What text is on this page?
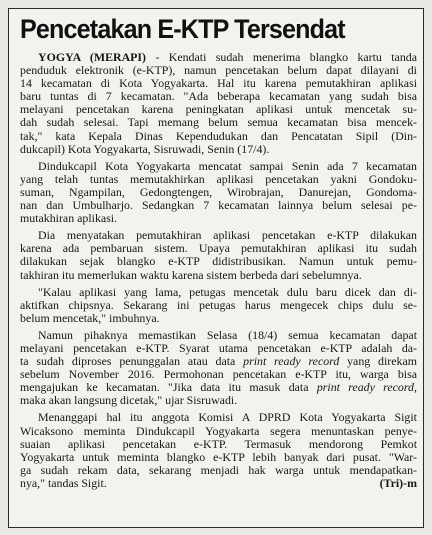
Pencetakan E-KTP Tersendat
YOGYA (MERAPI) - Kendati sudah menerima blangko kartu tanda
penduduk elektronik (e-KTP), namun pencetakan belum dapat dilayani di
14 kecamatan di Kota Yogyakarta. Hal itu karena pemutakhiran aplikasi
baru tuntas di 7 kecamatan. "Ada beberapa kecamatan yang sudah bisa
melayani pencetakan karena peningkatan aplikasi untuk mencetak su-
dah sudah selesai. Tapi memang belum semua kecamatan bisa mencek-
tak," kata Kepala Dinas Kependudukan dan Pencatatan Sipil (Din-
dukcapil) Kota Yogyakarta, Sisruwadi, Senin (17/4).
Dindukcapil Kota Yogyakarta mencatat sampai Senin ada 7 kecamatan
yang telah tuntas memutakhirkan aplikasi pencetakan yakni Gondoku-
suman, Ngampilan, Gedongtengen, Wirobrajan, Danurejan, Gondoma-
nan dan Umbulharjo. Sedangkan 7 kecamatan lainnya belum selesai pe-
mutakhiran aplikasi.
Dia menyatakan pemutakhiran aplikasi pencetakan e-KTP dilakukan
karena ada pembaruan sistem. Upaya pemutakhiran aplikasi itu sudah
dilakukan sejak blangko e-KTP didistribusikan. Namun untuk pemu-
takhiran itu memerlukan waktu karena sistem berbeda dari sebelumnya.
"Kalau aplikasi yang lama, petugas mencetak dulu baru dicek dan di-
aktifkan chipsnya. Sekarang ini petugas harus mengecek chips dulu se-
belum mencetak," imbuhnya.
Namun pihaknya memastikan Selasa (18/4) semua kecamatan dapat
melayani pencetakan e-KTP. Syarat utama pencetakan e-KTP adalah da-
ta sudah diproses penunggalan atau data print ready record yang direkam
sebelum November 2016. Permohonan pencetakan e-KTP itu, warga bisa
mengajukan ke kecamatan. "Jika data itu masuk data print ready record,
maka akan langsung dicetak," ujar Sisruwadi.
Menanggapi hal itu anggota Komisi A DPRD Kota Yogyakarta Sigit
Wicaksono meminta Dindukcapil Yogyakarta segera menuntaskan penye-
suaian aplikasi pencetakan e-KTP. Termasuk mendorong Pemkot
Yogyakarta untuk meminta blangko e-KTP lebih banyak dari pusat. "War-
ga sudah rekam data, sekarang menjadi hak warga untuk mendapatkan-
nya," tandas Sigit.	(Tri)-m
